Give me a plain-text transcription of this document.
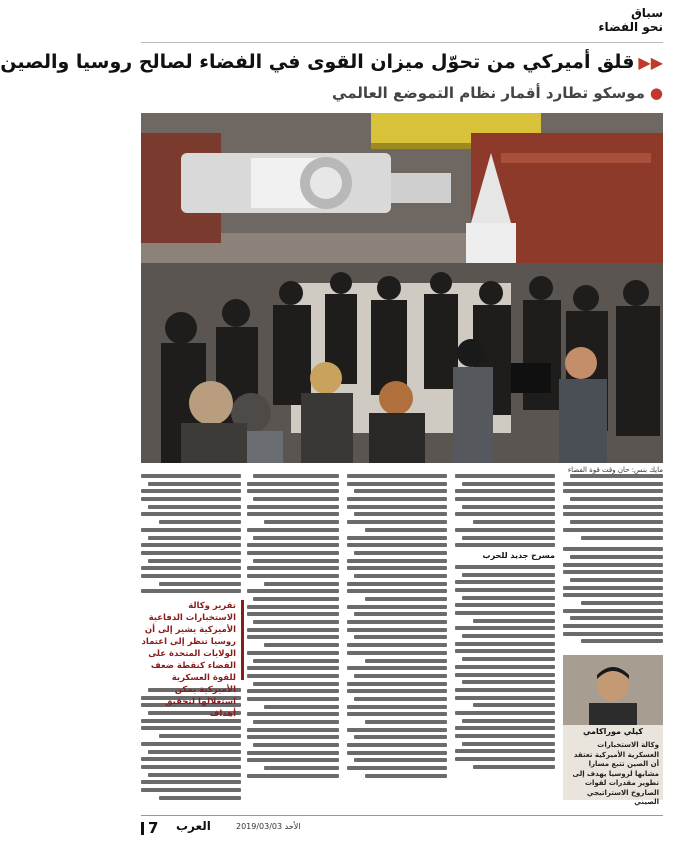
سباق
نحو الفضاء
▶▶قلق أميركي من تحوّل ميزان القوى في الفضاء لصالح روسيا والصين
●موسكو تطارد أقمار نظام التموضع العالمي
مايك بنس: حان وقت قوة الفضاء
مسرح جديد للحرب
تقرير وكالة الاستخبارات الدفاعية الأميركية يشير إلى أن روسيا تنظر إلى اعتماد الولايات المتحدة على الفضاء كنقطة ضعف للقوة العسكرية الأميركية يمكن استغلالها لتحقيق أهداف
كيلي موراكامي
وكالة الاستخبارات العسكرية الأميركية تعتقد أن الصين تتبع مسارا مشابها لروسيا يهدف إلى تطوير مقدرات لقوات الصاروخ الاستراتيجي الصيني
7 العرب	الأحد 2019/03/03
